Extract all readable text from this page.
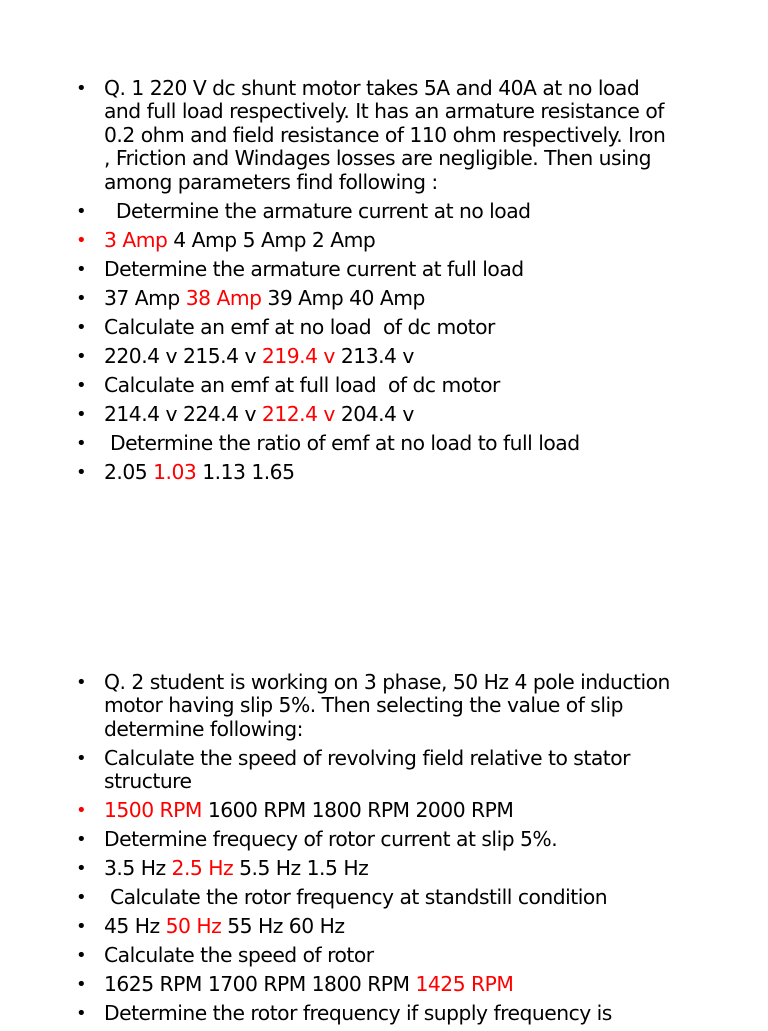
• Q. 1 220 V dc shunt motor takes 5A and 40A at no load and full load respectively. It has an armature resistance of 0.2 ohm and field resistance of 110 ohm respectively. Iron , Friction and Windages losses are negligible. Then using among parameters find following :
• Determine the armature current at no load
• 3 Amp 4 Amp 5 Amp 2 Amp
• Determine the armature current at full load
• 37 Amp 38 Amp 39 Amp 40 Amp
• Calculate an emf at no load  of dc motor
• 220.4 v 215.4 v 219.4 v 213.4 v
• Calculate an emf at full load  of dc motor
• 214.4 v 224.4 v 212.4 v 204.4 v
• Determine the ratio of emf at no load to full load
• 2.05 1.03 1.13 1.65
• Q. 2 student is working on 3 phase, 50 Hz 4 pole induction motor having slip 5%. Then selecting the value of slip determine following:
• Calculate the speed of revolving field relative to stator structure
• 1500 RPM 1600 RPM 1800 RPM 2000 RPM
• Determine frequecy of rotor current at slip 5%.
• 3.5 Hz 2.5 Hz 5.5 Hz 1.5 Hz
• Calculate the rotor frequency at standstill condition
• 45 Hz 50 Hz 55 Hz 60 Hz
• Calculate the speed of rotor
• 1625 RPM 1700 RPM 1800 RPM 1425 RPM
• Determine the rotor frequency if supply frequency is
